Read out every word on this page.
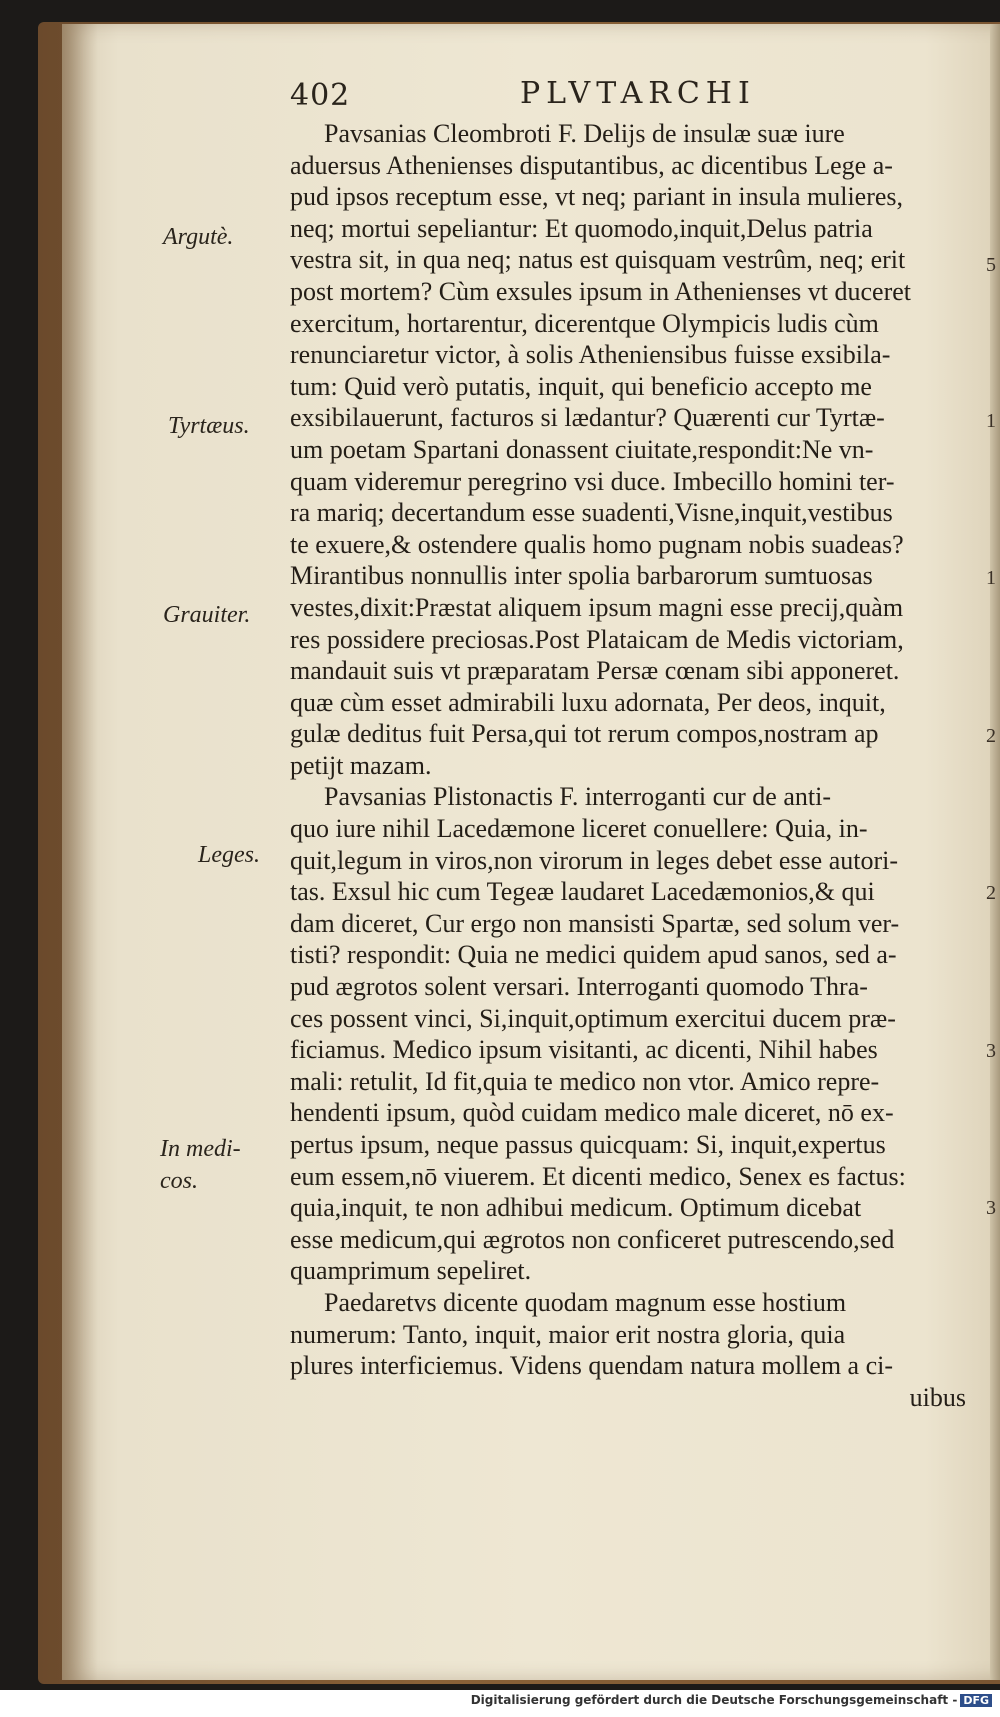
402	PLVTARCHI
Argutè.
Tyrtæus.
Grauiter.
Leges.
In medi-
cos.
5
1
1
2
2
3
3
Pavsanias Cleombroti F. Delijs de insulæ suæ iure
aduersus Athenienses disputantibus, ac dicentibus Lege a-
pud ipsos receptum esse, vt neq; pariant in insula mulieres,
neq; mortui sepeliantur: Et quomodo,inquit,Delus patria
vestra sit, in qua neq; natus est quisquam vestrûm, neq; erit
post mortem? Cùm exsules ipsum in Athenienses vt duceret
exercitum, hortarentur, dicerentque Olympicis ludis cùm
renunciaretur victor, à solis Atheniensibus fuisse exsibila-
tum: Quid verò putatis, inquit, qui beneficio accepto me
exsibilauerunt, facturos si lædantur? Quærenti cur Tyrtæ-
um poetam Spartani donassent ciuitate,respondit:Ne vn-
quam videremur peregrino vsi duce. Imbecillo homini ter-
ra mariq; decertandum esse suadenti,Visne,inquit,vestibus
te exuere,& ostendere qualis homo pugnam nobis suadeas?
Mirantibus nonnullis inter spolia barbarorum sumtuosas
vestes,dixit:Præstat aliquem ipsum magni esse precij,quàm
res possidere preciosas.Post Plataicam de Medis victoriam,
mandauit suis vt præparatam Persæ cœnam sibi apponeret.
quæ cùm esset admirabili luxu adornata, Per deos, inquit,
gulæ deditus fuit Persa,qui tot rerum compos,nostram ap
petijt mazam.
Pavsanias Plistonactis F. interroganti cur de anti-
quo iure nihil Lacedæmone liceret conuellere: Quia, in-
quit,legum in viros,non virorum in leges debet esse autori-
tas. Exsul hic cum Tegeæ laudaret Lacedæmonios,& qui
dam diceret, Cur ergo non mansisti Spartæ, sed solum ver-
tisti? respondit: Quia ne medici quidem apud sanos, sed a-
pud ægrotos solent versari. Interroganti quomodo Thra-
ces possent vinci, Si,inquit,optimum exercitui ducem præ-
ficiamus. Medico ipsum visitanti, ac dicenti, Nihil habes
mali: retulit, Id fit,quia te medico non vtor. Amico repre-
hendenti ipsum, quòd cuidam medico male diceret, nō ex-
pertus ipsum, neque passus quicquam: Si, inquit,expertus
eum essem,nō viuerem. Et dicenti medico, Senex es factus:
quia,inquit, te non adhibui medicum. Optimum dicebat
esse medicum,qui ægrotos non conficeret putrescendo,sed
quamprimum sepeliret.
Paedaretvs dicente quodam magnum esse hostium
numerum: Tanto, inquit, maior erit nostra gloria, quia
plures interficiemus. Videns quendam natura mollem a ci-
uibus
Digitalisierung gefördert durch die Deutsche Forschungsgemeinschaft - DFG
